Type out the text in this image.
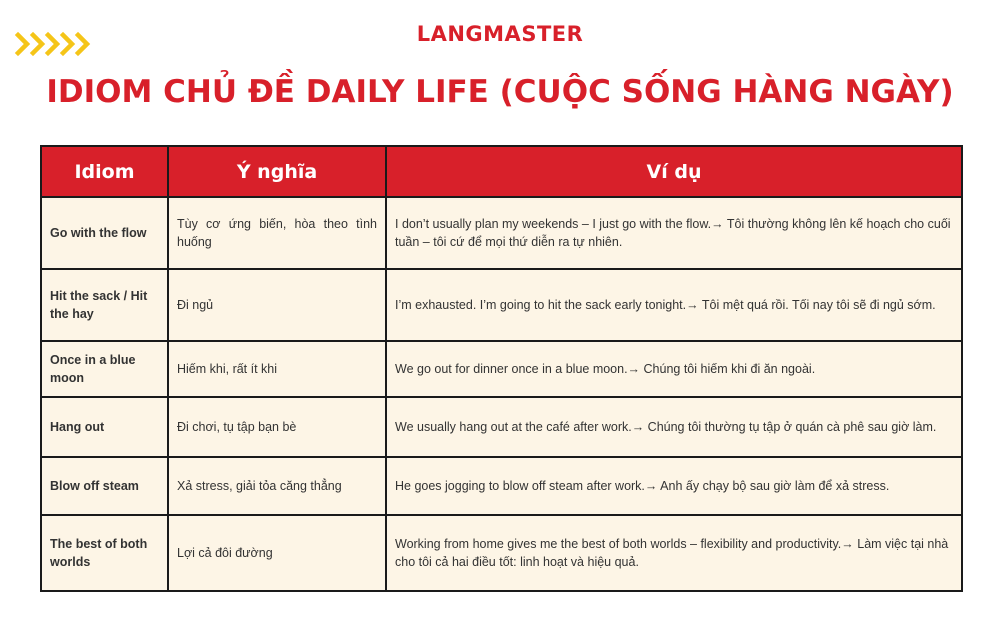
LANGMASTER
IDIOM CHỦ ĐỀ DAILY LIFE (CUỘC SỐNG HÀNG NGÀY)
Idiom	Ý nghĩa	Ví dụ
Go with the flow	Tùy cơ ứng biến, hòa theo tình huống	I don’t usually plan my weekends – I just go with the flow.→ Tôi thường không lên kế hoạch cho cuối tuần – tôi cứ để mọi thứ diễn ra tự nhiên.
Hit the sack / Hit the hay	Đi ngủ	I’m exhausted. I’m going to hit the sack early tonight.→ Tôi mệt quá rồi. Tối nay tôi sẽ đi ngủ sớm.
Once in a blue moon	Hiếm khi, rất ít khi	We go out for dinner once in a blue moon.→ Chúng tôi hiếm khi đi ăn ngoài.
Hang out	Đi chơi, tụ tập bạn bè	We usually hang out at the café after work.→ Chúng tôi thường tụ tập ở quán cà phê sau giờ làm.
Blow off steam	Xả stress, giải tỏa căng thẳng	He goes jogging to blow off steam after work.→ Anh ấy chạy bộ sau giờ làm để xả stress.
The best of both worlds	Lợi cả đôi đường	Working from home gives me the best of both worlds – flexibility and productivity.→ Làm việc tại nhà cho tôi cả hai điều tốt: linh hoạt và hiệu quả.
